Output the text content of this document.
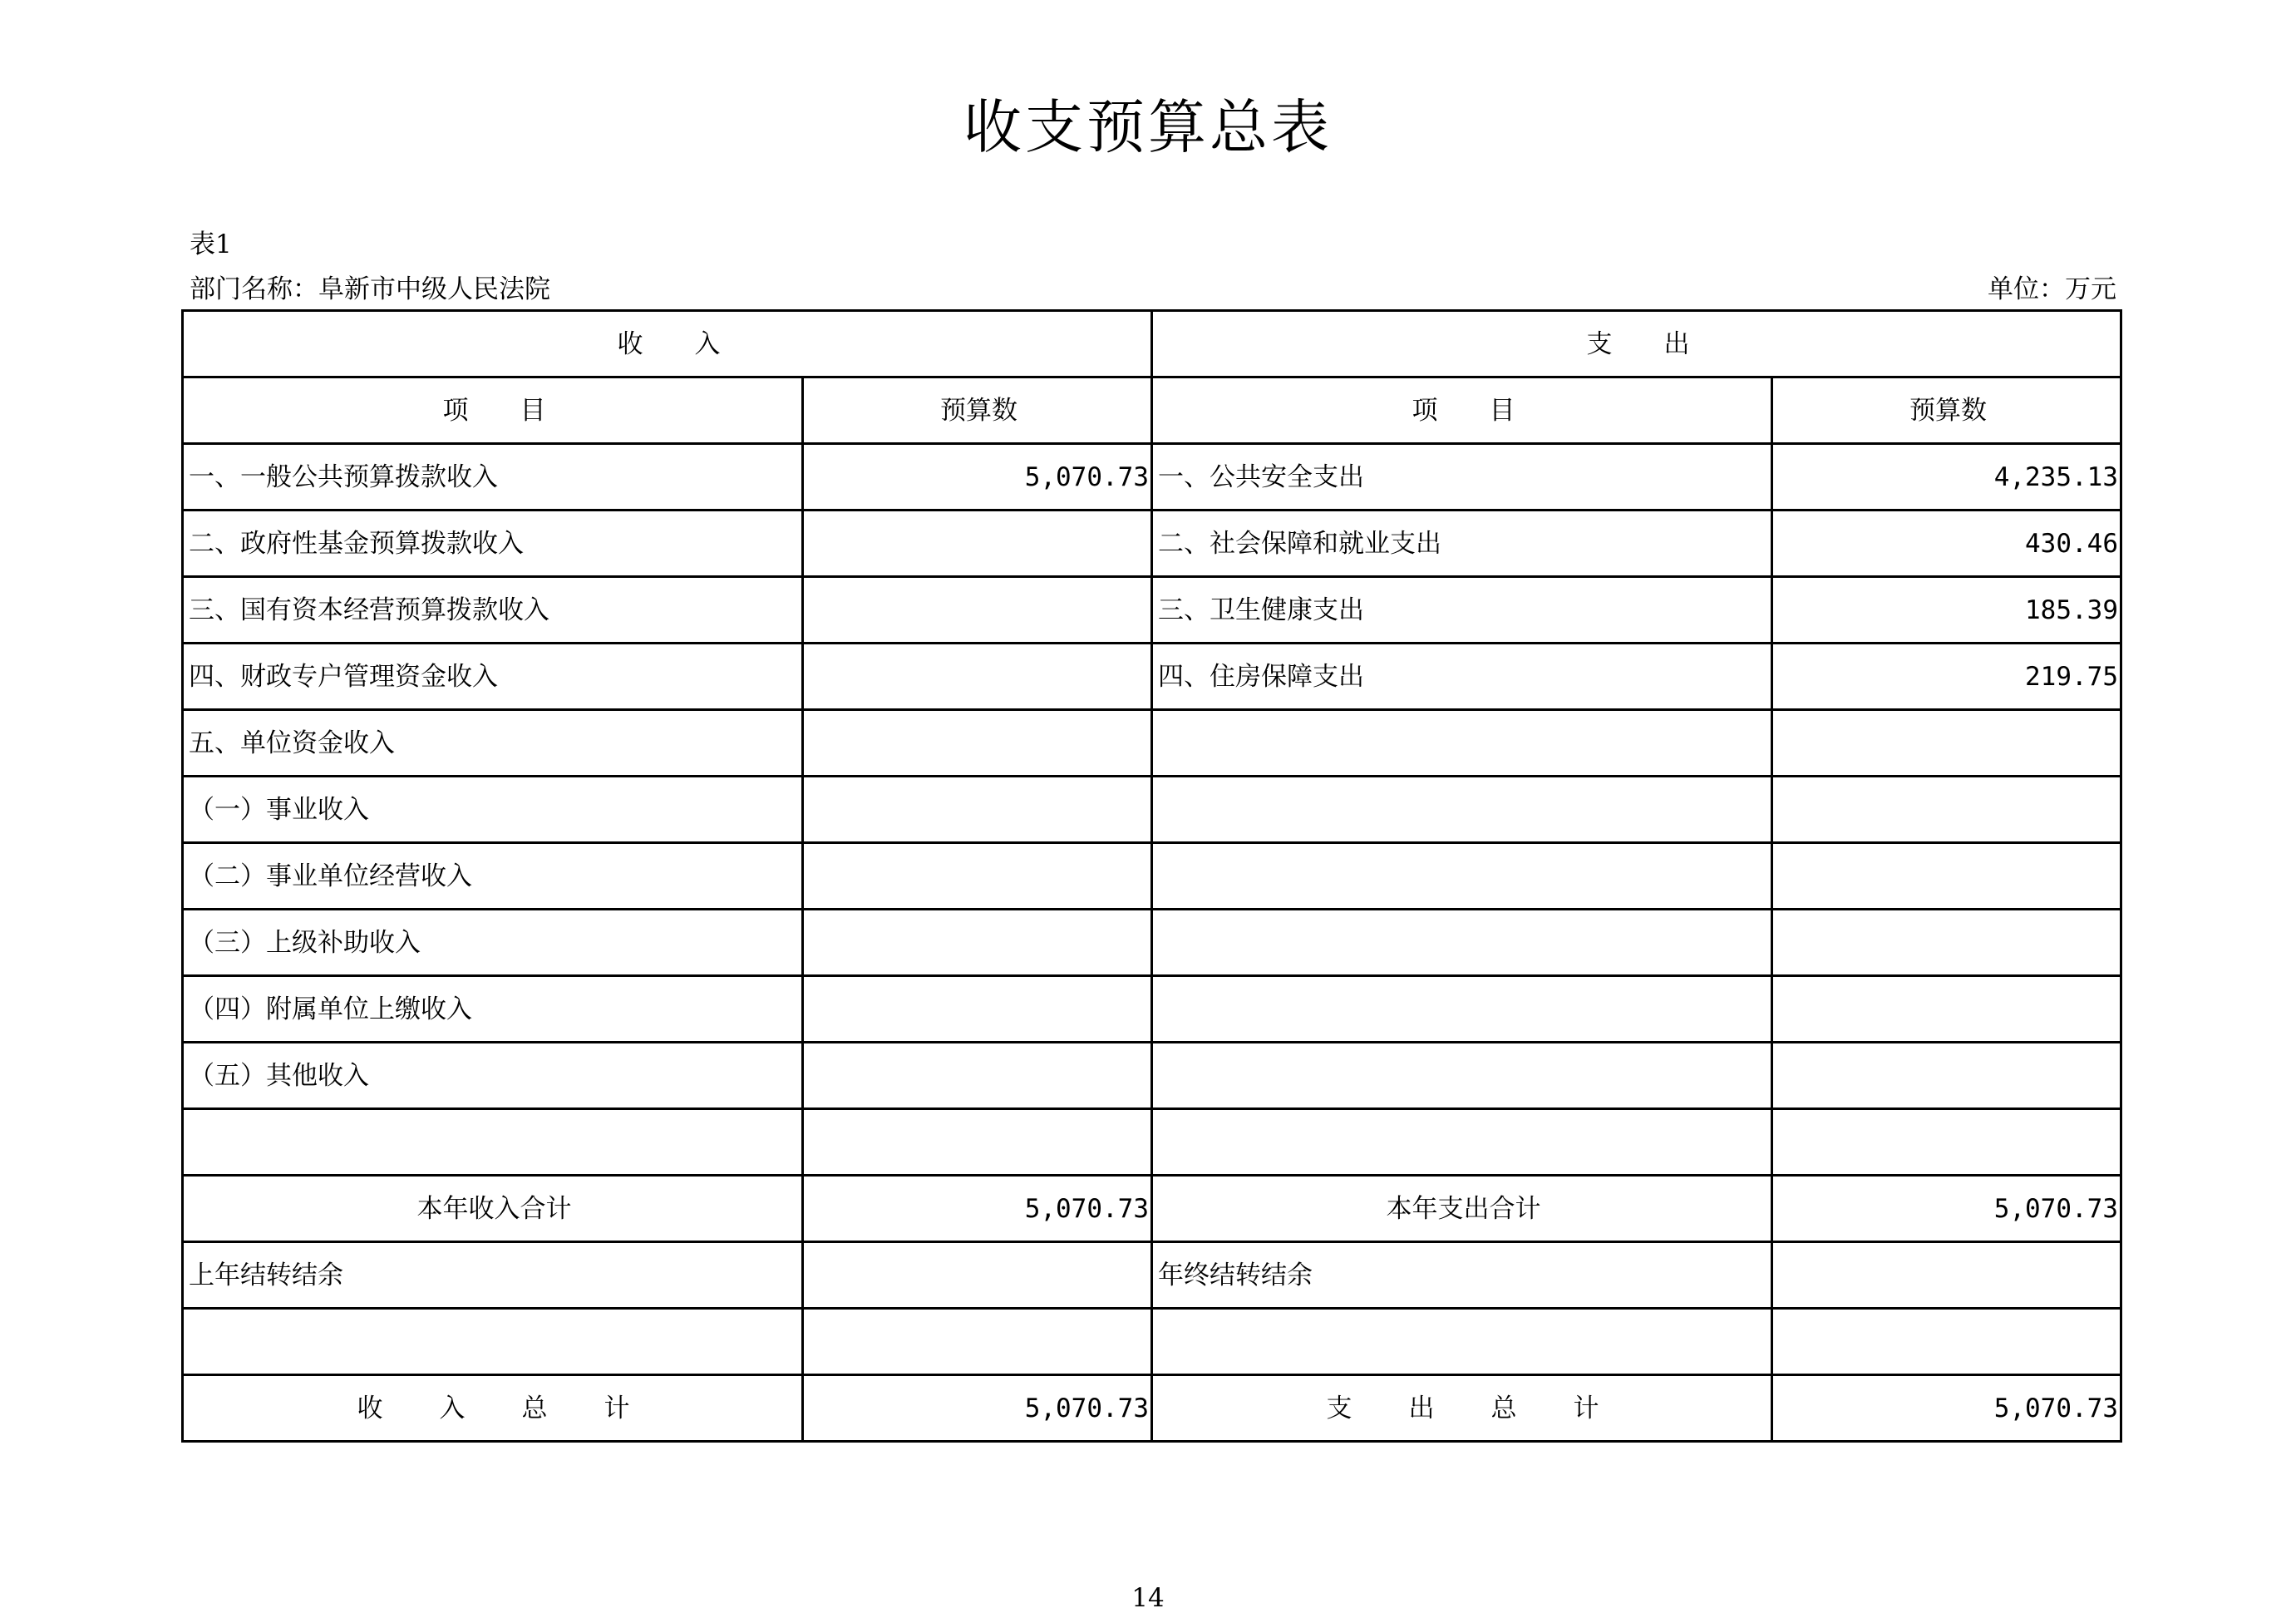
收支预算总表
表1
部门名称：阜新市中级人民法院	单位：万元
收　　入		支　　出	
项　　目	预算数	项　　目	预算数
一、一般公共预算拨款收入	5,070.73	一、公共安全支出	4,235.13
二、政府性基金预算拨款收入		二、社会保障和就业支出	430.46
三、国有资本经营预算拨款收入		三、卫生健康支出	185.39
四、财政专户管理资金收入		四、住房保障支出	219.75
五、单位资金收入			
（一）事业收入			
（二）事业单位经营收入			
（三）上级补助收入			
（四）附属单位上缴收入			
（五）其他收入			

本年收入合计	5,070.73	本年支出合计	5,070.73
上年结转结余		年终结转结余	

收　　入　　总　　计	5,070.73	支　　出　　总　　计	5,070.73
14
